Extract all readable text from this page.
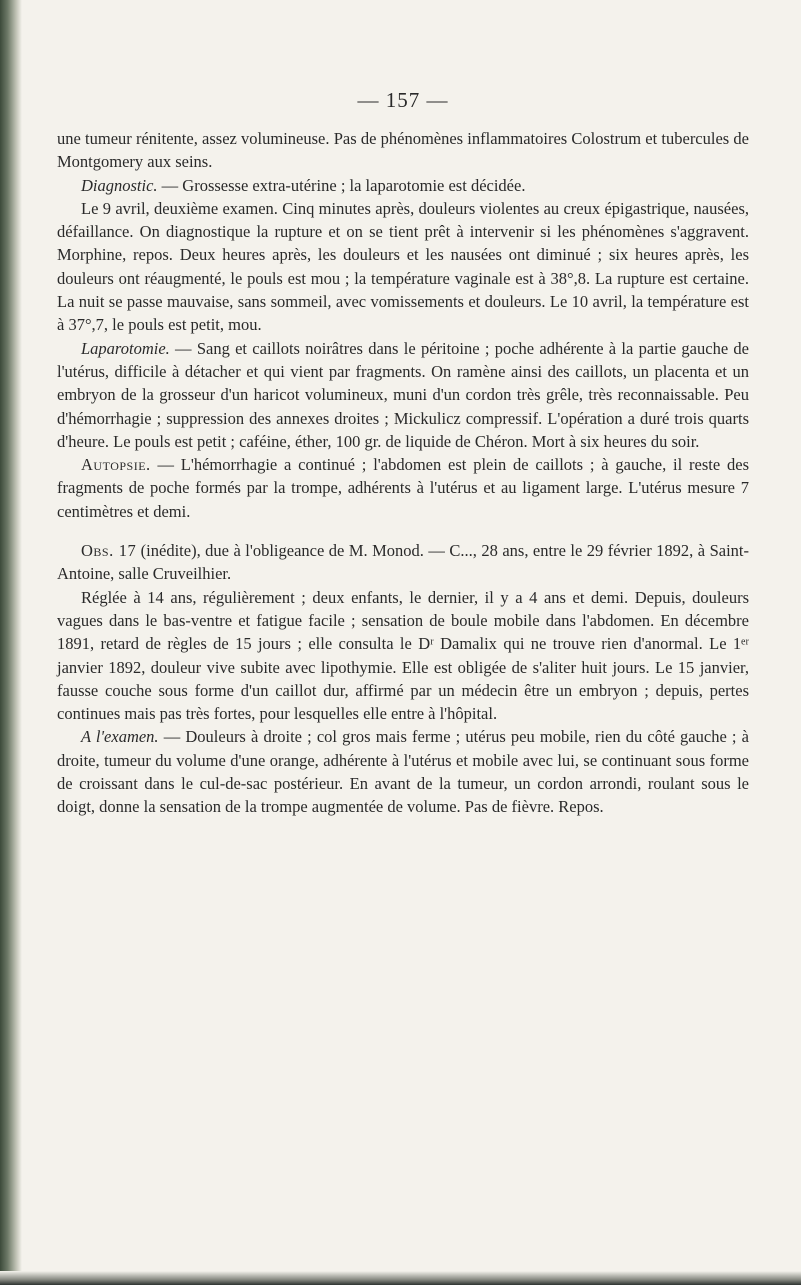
— 157 —

une tumeur rénitente, assez volumineuse. Pas de phénomènes inflammatoires Colostrum et tubercules de Montgomery aux seins.

Diagnostic. — Grossesse extra-utérine ; la laparotomie est décidée.

Le 9 avril, deuxième examen. Cinq minutes après, douleurs violentes au creux épigastrique, nausées, défaillance. On diagnostique la rupture et on se tient prêt à intervenir si les phénomènes s'aggravent. Morphine, repos. Deux heures après, les douleurs et les nausées ont diminué ; six heures après, les douleurs ont réaugmenté, le pouls est mou ; la température vaginale est à 38°,8. La rupture est certaine. La nuit se passe mauvaise, sans sommeil, avec vomissements et douleurs. Le 10 avril, la température est à 37°,7, le pouls est petit, mou.

Laparotomie. — Sang et caillots noirâtres dans le péritoine ; poche adhérente à la partie gauche de l'utérus, difficile à détacher et qui vient par fragments. On ramène ainsi des caillots, un placenta et un embryon de la grosseur d'un haricot volumineux, muni d'un cordon très grêle, très reconnaissable. Peu d'hémorrhagie ; suppression des annexes droites ; Mickulicz compressif. L'opération a duré trois quarts d'heure. Le pouls est petit ; caféine, éther, 100 gr. de liquide de Chéron. Mort à six heures du soir.

Autopsie. — L'hémorrhagie a continué ; l'abdomen est plein de caillots ; à gauche, il reste des fragments de poche formés par la trompe, adhérents à l'utérus et au ligament large. L'utérus mesure 7 centimètres et demi.

Obs. 17 (inédite), due à l'obligeance de M. Monod. — C..., 28 ans, entre le 29 février 1892, à Saint-Antoine, salle Cruveilhier.

Réglée à 14 ans, régulièrement ; deux enfants, le dernier, il y a 4 ans et demi. Depuis, douleurs vagues dans le bas-ventre et fatigue facile ; sensation de boule mobile dans l'abdomen. En décembre 1891, retard de règles de 15 jours ; elle consulta le Dʳ Damalix qui ne trouve rien d'anormal. Le 1ᵉʳ janvier 1892, douleur vive subite avec lipothymie. Elle est obligée de s'aliter huit jours. Le 15 janvier, fausse couche sous forme d'un caillot dur, affirmé par un médecin être un embryon ; depuis, pertes continues mais pas très fortes, pour lesquelles elle entre à l'hôpital.

A l'examen. — Douleurs à droite ; col gros mais ferme ; utérus peu mobile, rien du côté gauche ; à droite, tumeur du volume d'une orange, adhérente à l'utérus et mobile avec lui, se continuant sous forme de croissant dans le cul-de-sac postérieur. En avant de la tumeur, un cordon arrondi, roulant sous le doigt, donne la sensation de la trompe augmentée de volume. Pas de fièvre. Repos.
